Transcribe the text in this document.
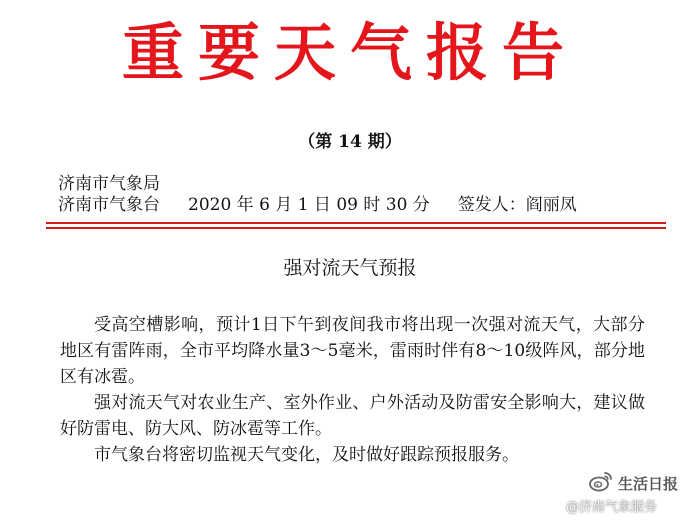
重要天气报告
（第 14 期）
济南市气象局
济南市气象台 2020 年 6 月 1 日 09 时 30 分 签发人：阎丽凤
强对流天气预报

受高空槽影响，预计1日下午到夜间我市将出现一次强对流天气，大部分地区有雷阵雨，全市平均降水量3～5毫米，雷雨时伴有8～10级阵风，部分地区有冰雹。

强对流天气对农业生产、室外作业、户外活动及防雷安全影响大，建议做好防雷电、防大风、防冰雹等工作。

市气象台将密切监视天气变化，及时做好跟踪预报服务。

生活日报
@济南气象服务
